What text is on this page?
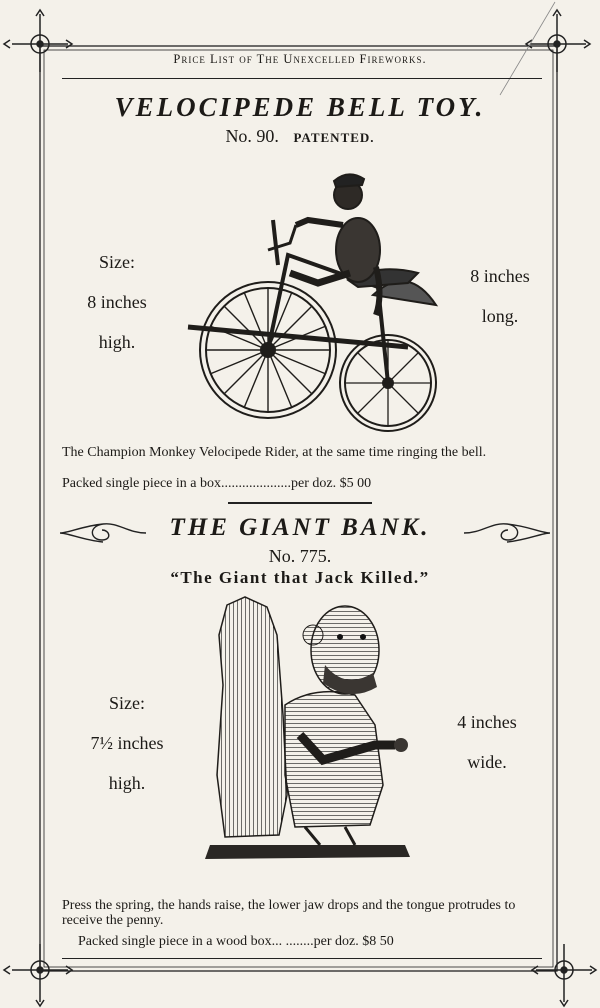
Price List of The Unexcelled Fireworks.
VELOCIPEDE BELL TOY.
No. 90. PATENTED.
Size:
8 inches
high.
8 inches
long.
The Champion Monkey Velocipede Rider, at the same time ringing the bell.
Packed single piece in a box....................per doz. $5 00
THE GIANT BANK.
No. 775.
“The Giant that Jack Killed.”
Size:
7½ inches
high.
4 inches
wide.
Press the spring, the hands raise, the lower jaw drops and the tongue protrudes to receive the penny.
Packed single piece in a wood box... ........per doz. $8 50
